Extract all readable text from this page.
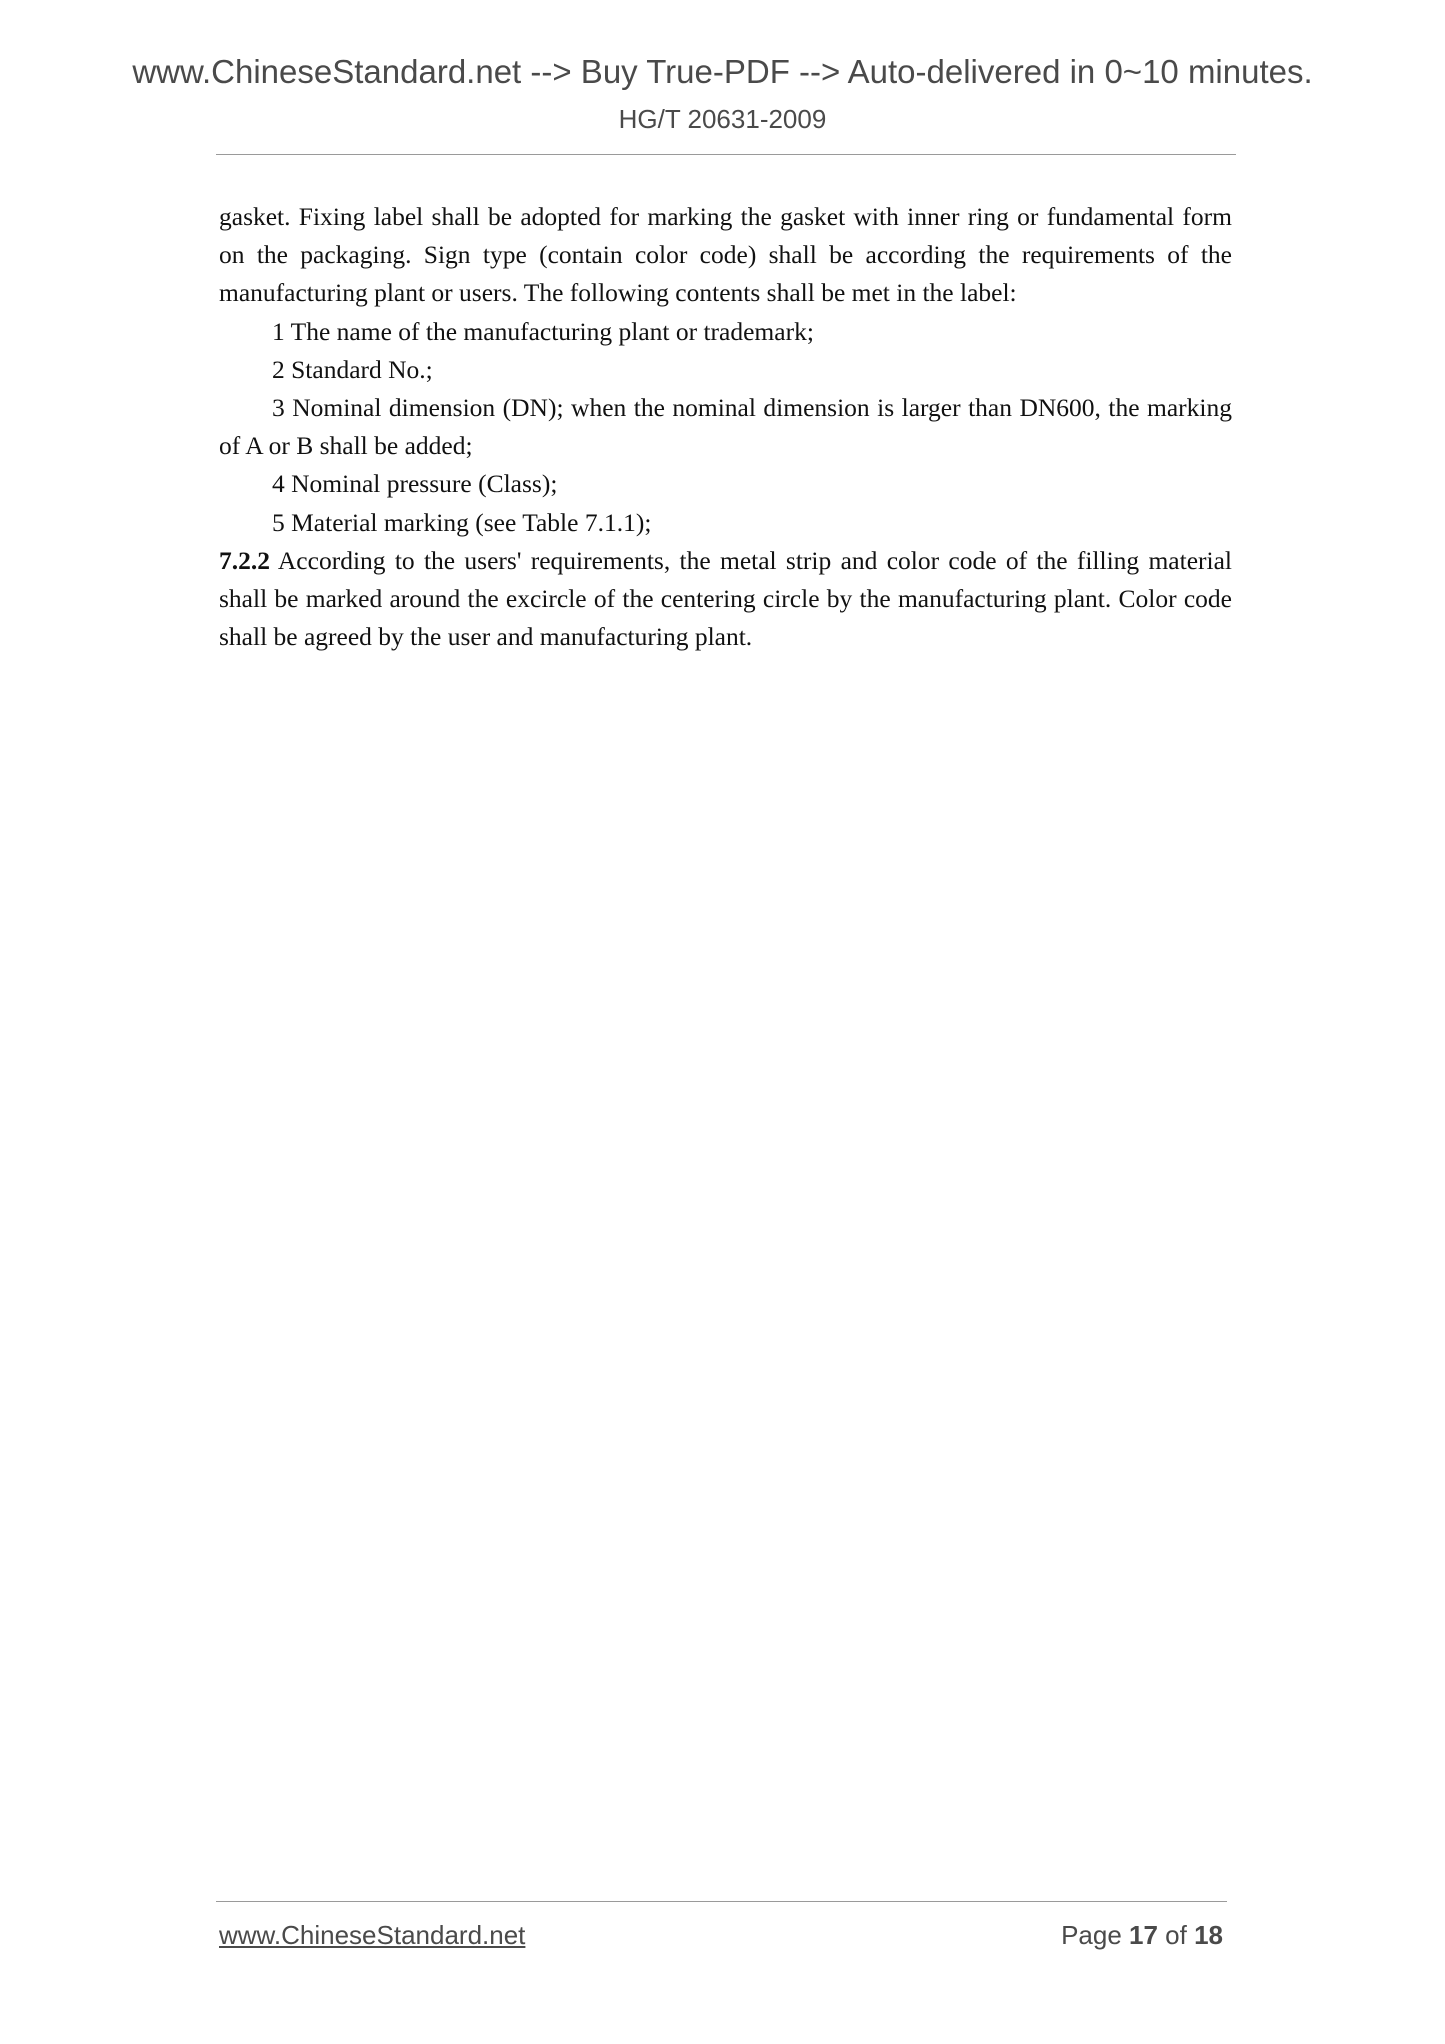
www.ChineseStandard.net --> Buy True-PDF --> Auto-delivered in 0~10 minutes.
HG/T 20631-2009

gasket. Fixing label shall be adopted for marking the gasket with inner ring or fundamental form on the packaging. Sign type (contain color code) shall be according the requirements of the manufacturing plant or users. The following contents shall be met in the label:

1 The name of the manufacturing plant or trademark;

2 Standard No.;

3 Nominal dimension (DN); when the nominal dimension is larger than DN600, the marking of A or B shall be added;

4 Nominal pressure (Class);

5 Material marking (see Table 7.1.1);

7.2.2 According to the users' requirements, the metal strip and color code of the filling material shall be marked around the excircle of the centering circle by the manufacturing plant. Color code shall be agreed by the user and manufacturing plant.

www.ChineseStandard.net	Page 17 of 18
